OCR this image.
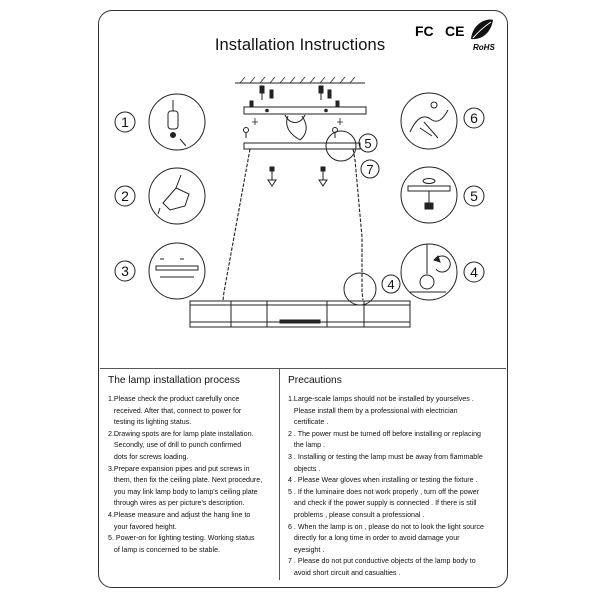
Installation Instructions
FC CE
RoHS
1
2
3
6
5
4
5
7
4
The lamp installation process
1.Please check the product carefully once
received. After that, connect to power for
testing its lighting status.
2.Drawing spots are for lamp plate installation.
Secondly, use of drill to punch confirmed
dots for screws loading.
3.Prepare expansion pipes and put screws in
them, then fix the ceiling plate. Next procedure,
you may link lamp body to lamp's ceiling plate
through wires as per picture's description.
4.Please measure and adjust the hang line to
your favored height.
5. Power-on for lighting testing. Working status
of lamp is concerned to be stable.
Precautions
1.Large-scale lamps should not be installed by yourselves .
Please install them by a professional with electrician
certificate .
2 . The power must be turned off before installing or replacing
the lamp .
3 . Installing or testing the lamp must be away from flammable
objects .
4 . Please Wear gloves when installing or testing the fixture .
5 . If the luminaire does not work properly , turn off the power
and check if the power supply is connected . If there is still
problems , please consult a professional .
6 . When the lamp is on , please do not to look the light source
directly for a long time in order to avoid damage your
eyesight .
7 . Please do not put conductive objects of the lamp body to
avoid short circuit and casualties .
